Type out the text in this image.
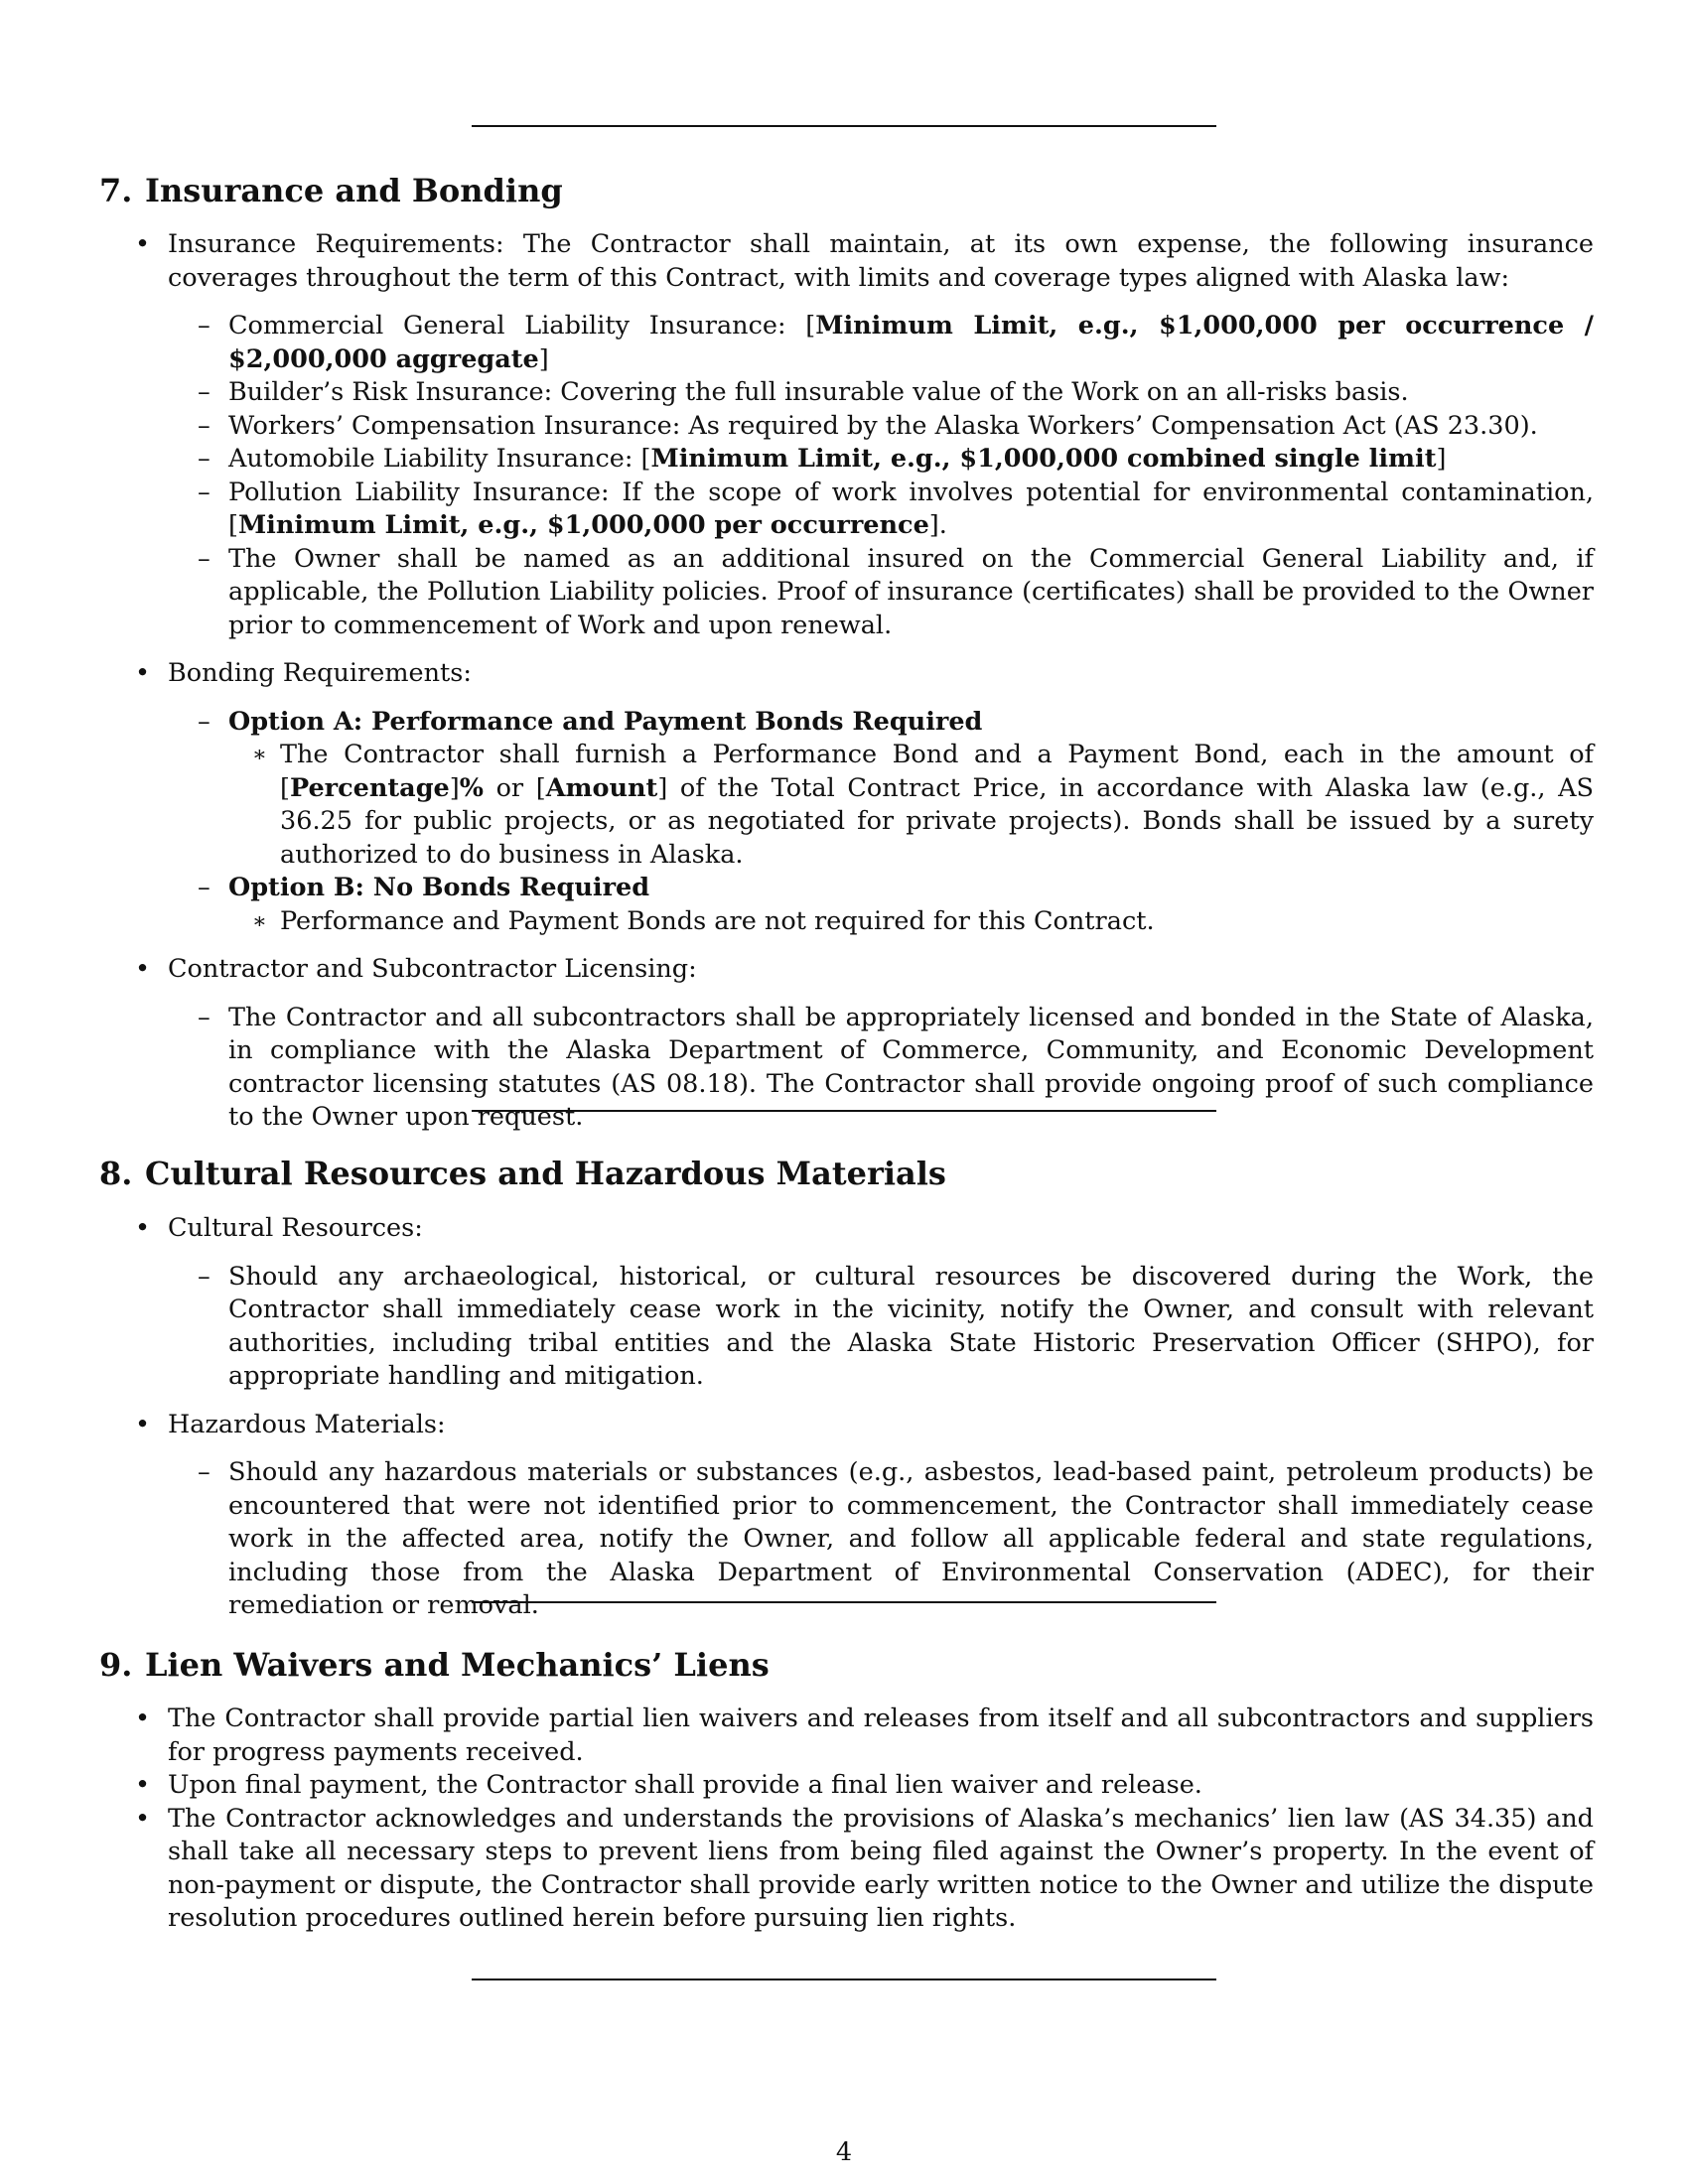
7. Insurance and Bonding
• Insurance Requirements: The Contractor shall maintain, at its own expense, the following insurance coverages throughout the term of this Contract, with limits and coverage types aligned with Alaska law:
– Commercial General Liability Insurance: [Minimum Limit, e.g., $1,000,000 per occurrence / $2,000,000 aggregate]
– Builder’s Risk Insurance: Covering the full insurable value of the Work on an all-risks basis.
– Workers’ Compensation Insurance: As required by the Alaska Workers’ Compensation Act (AS 23.30).
– Automobile Liability Insurance: [Minimum Limit, e.g., $1,000,000 combined single limit]
– Pollution Liability Insurance: If the scope of work involves potential for environmental contamination, [Minimum Limit, e.g., $1,000,000 per occurrence].
– The Owner shall be named as an additional insured on the Commercial General Liability and, if applicable, the Pollution Liability policies. Proof of insurance (certificates) shall be provided to the Owner prior to commencement of Work and upon renewal.
• Bonding Requirements:
– Option A: Performance and Payment Bonds Required
∗ The Contractor shall furnish a Performance Bond and a Payment Bond, each in the amount of [Percentage]% or [Amount] of the Total Contract Price, in accordance with Alaska law (e.g., AS 36.25 for public projects, or as negotiated for private projects). Bonds shall be issued by a surety authorized to do business in Alaska.
– Option B: No Bonds Required
∗ Performance and Payment Bonds are not required for this Contract.
• Contractor and Subcontractor Licensing:
– The Contractor and all subcontractors shall be appropriately licensed and bonded in the State of Alaska, in compliance with the Alaska Department of Commerce, Community, and Economic Development contractor licensing statutes (AS 08.18). The Contractor shall provide ongoing proof of such compliance to the Owner upon request.
8. Cultural Resources and Hazardous Materials
• Cultural Resources:
– Should any archaeological, historical, or cultural resources be discovered during the Work, the Contractor shall immediately cease work in the vicinity, notify the Owner, and consult with relevant authorities, including tribal entities and the Alaska State Historic Preservation Officer (SHPO), for appropriate handling and mitigation.
• Hazardous Materials:
– Should any hazardous materials or substances (e.g., asbestos, lead-based paint, petroleum products) be encountered that were not identified prior to commencement, the Contractor shall immediately cease work in the affected area, notify the Owner, and follow all applicable federal and state regulations, including those from the Alaska Department of Environmental Conservation (ADEC), for their remediation or removal.
9. Lien Waivers and Mechanics’ Liens
• The Contractor shall provide partial lien waivers and releases from itself and all subcontractors and suppliers for progress payments received.
• Upon final payment, the Contractor shall provide a final lien waiver and release.
• The Contractor acknowledges and understands the provisions of Alaska’s mechanics’ lien law (AS 34.35) and shall take all necessary steps to prevent liens from being filed against the Owner’s property. In the event of non-payment or dispute, the Contractor shall provide early written notice to the Owner and utilize the dispute resolution procedures outlined herein before pursuing lien rights.
4
